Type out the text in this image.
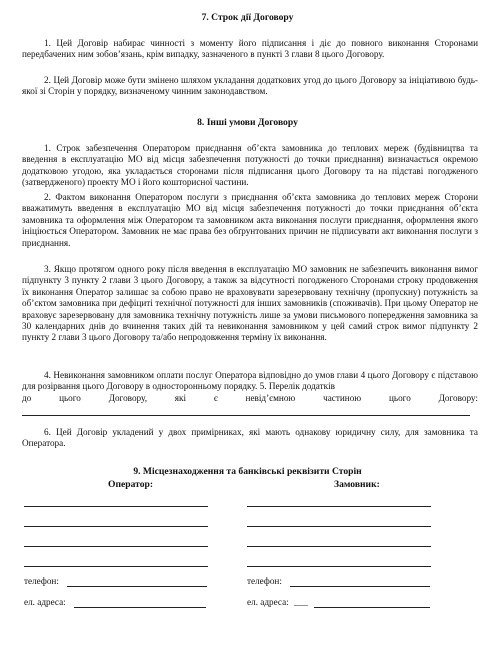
7. Строк дії Договору

1. Цей Договір набирає чинності з моменту його підписання і діє до повного виконання Сторонами передбачених ним зобов’язань, крім випадку, зазначеного в пункті 3 глави 8 цього Договору.

2. Цей Договір може бути змінено шляхом укладання додаткових угод до цього Договору за ініціативою будь-якої зі Сторін у порядку, визначеному чинним законодавством.

8. Інші умови Договору

1. Строк забезпечення Оператором приєднання об’єкта замовника до теплових мереж (будівництва та введення в експлуатацію МО від місця забезпечення потужності до точки приєднання) визначається окремою додатковою угодою, яка укладається сторонами після підписання цього Договору та на підставі погодженого (затвердженого) проекту МО і його кошторисної частини.

2. Фактом виконання Оператором послуги з приєднання об’єкта замовника до теплових мереж Сторони вважатимуть введення в експлуатацію МО від місця забезпечення потужності до точки приєднання об’єкта замовника та оформлення між Оператором та замовником акта виконання послуги приєднання, оформлення якого ініціюється Оператором. Замовник не має права без обґрунтованих причин не підписувати акт виконання послуги з приєднання.

3. Якщо протягом одного року після введення в експлуатацію МО замовник не забезпечить виконання вимог підпункту 3 пункту 2 глави 3 цього Договору, а також за відсутності погодженого Сторонами строку продовження їх виконання Оператор залишає за собою право не враховувати зарезервовану технічну (пропускну) потужність за об’єктом замовника при дефіциті технічної потужності для інших замовників (споживачів). При цьому Оператор не враховує зарезервовану для замовника технічну потужність лише за умови письмового попередження замовника за 30 календарних днів до вчинення таких дій та невиконання замовником у цей самий строк вимог підпункту 2 пункту 2 глави 3 цього Договору та/або непродовження терміну їх виконання.

4. Невиконання замовником оплати послуг Оператора відповідно до умов глави 4 цього Договору є підставою для розірвання цього Договору в односторонньому порядку. 5. Перелік додатків

до	цього	Договору,	які	є	невід’ємною	частиною	цього	Договору:

6. Цей Договір укладений у двох примірниках, які мають однакову юридичну силу, для замовника та Оператора.

9. Місцезнаходження та банківські реквізити Сторін
Оператор:	Замовник:
телефон:	телефон:
ел. адреса:	ел. адреса: ___
